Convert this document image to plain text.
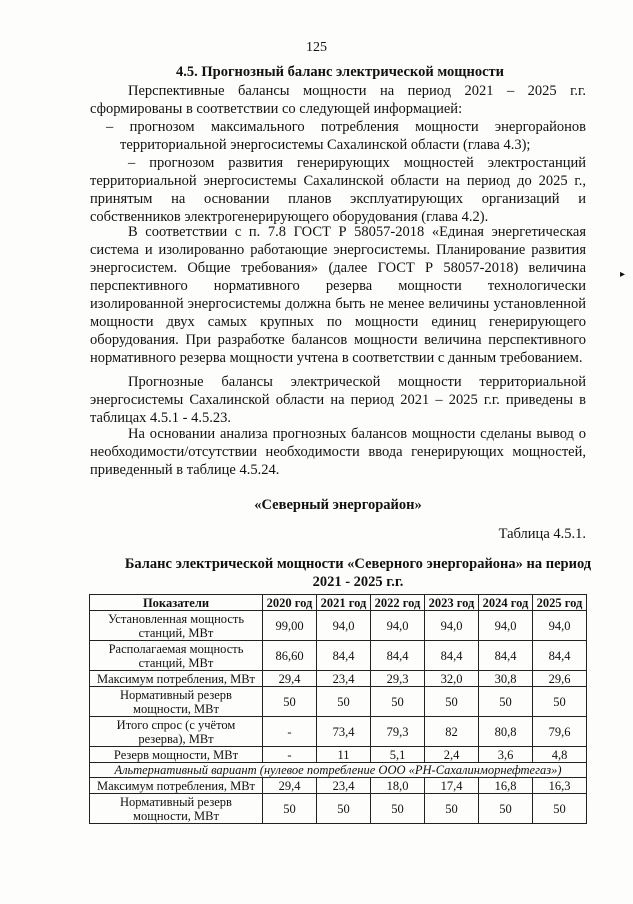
125
4.5. Прогнозный баланс электрической мощности
Перспективные балансы мощности на период 2021 – 2025 г.г. сформированы в соответствии со следующей информацией:
– прогнозом максимального потребления мощности энергорайонов территориальной энергосистемы Сахалинской области (глава 4.3);
– прогнозом развития генерирующих мощностей электростанций территориальной энергосистемы Сахалинской области на период до 2025 г., принятым на основании планов эксплуатирующих организаций и собственников электрогенерирующего оборудования (глава 4.2).
В соответствии с п. 7.8 ГОСТ Р 58057-2018 «Единая энергетическая система и изолированно работающие энергосистемы. Планирование развития энергосистем. Общие требования» (далее ГОСТ Р 58057-2018) величина перспективного нормативного резерва мощности технологически изолированной энергосистемы должна быть не менее величины установленной мощности двух самых крупных по мощности единиц генерирующего оборудования. При разработке балансов мощности величина перспективного нормативного резерва мощности учтена в соответствии с данным требованием.
Прогнозные балансы электрической мощности территориальной энергосистемы Сахалинской области на период 2021 – 2025 г.г. приведены в таблицах 4.5.1 - 4.5.23.
На основании анализа прогнозных балансов мощности сделаны вывод о необходимости/отсутствии необходимости ввода генерирующих мощностей, приведенный в таблице 4.5.24.
▸
«Северный энергорайон»
Таблица 4.5.1.
Баланс электрической мощности «Северного энергорайона» на период 2021 - 2025 г.г.
Показатели	2020 год	2021 год	2022 год	2023 год	2024 год	2025 год
Установленная мощность станций, МВт	99,00	94,0	94,0	94,0	94,0	94,0
Располагаемая мощность станций, МВт	86,60	84,4	84,4	84,4	84,4	84,4
Максимум потребления, МВт	29,4	23,4	29,3	32,0	30,8	29,6
Нормативный резерв мощности, МВт	50	50	50	50	50	50
Итого спрос (с учётом резерва), МВт	-	73,4	79,3	82	80,8	79,6
Резерв мощности, МВт	-	11	5,1	2,4	3,6	4,8
Альтернативный вариант (нулевое потребление ООО «РН-Сахалинморнефтегаз»)						
Максимум потребления, МВт	29,4	23,4	18,0	17,4	16,8	16,3
Нормативный резерв мощности, МВт	50	50	50	50	50	50
